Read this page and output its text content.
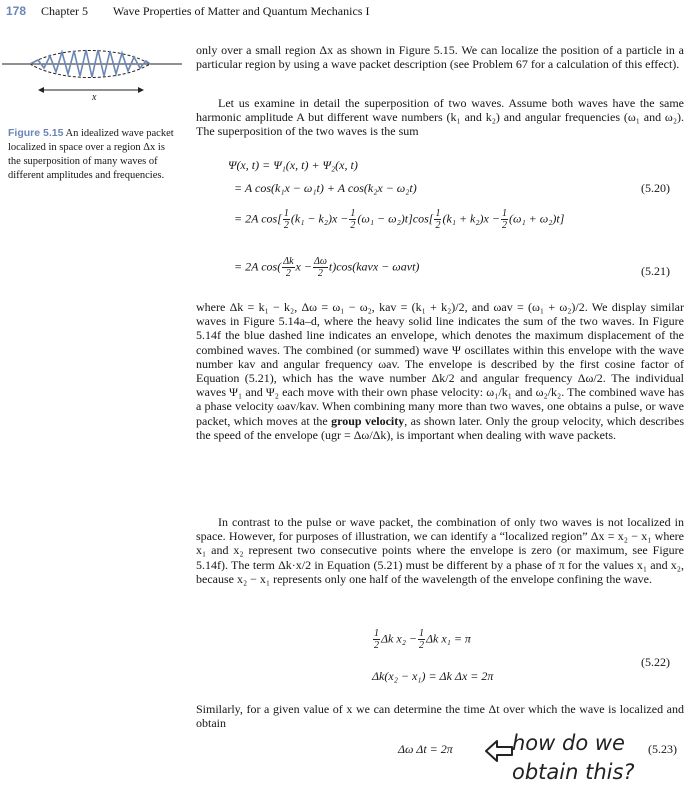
178 Chapter 5 Wave Properties of Matter and Quantum Mechanics I
x
Figure 5.15 An idealized wave packet localized in space over a region Δx is the superposition of many waves of different amplitudes and frequencies.

only over a small region Δx as shown in Figure 5.15. We can localize the position of a particle in a particular region by using a wave packet description (see Problem 67 for a calculation of this effect).

Let us examine in detail the superposition of two waves. Assume both waves have the same harmonic amplitude A but different wave numbers (k₁ and k₂) and angular frequencies (ω₁ and ω₂). The superposition of the two waves is the sum

Ψ(x, t) = Ψ₁(x, t) + Ψ₂(x, t)
= A cos(k₁x − ω₁t) + A cos(k₂x − ω₂t)	(5.20)
= 2A $\cos[ \frac{1}{2} (k_1 - k_2)x - \frac{1}{2} (\omega_1 - \omega_2)t]\cos[ \frac{1}{2} (k_1 + k_2)x - \frac{1}{2} (\omega_1 + \omega_2)t]$
= 2A $\cos( \frac{\Delta k}{2}$ $x - \frac{\Delta\omega}{2}$ t)cos(kavx − ωavt)	(5.21)

where Δk = k₁ − k₂, Δω = ω₁ − ω₂, kav = (k₁ + k₂)/2, and ωav = (ω₁ + ω₂)/2. We display similar waves in Figure 5.14a–d, where the heavy solid line indicates the sum of the two waves. In Figure 5.14f the blue dashed line indicates an envelope, which denotes the maximum displacement of the combined waves. The combined (or summed) wave Ψ oscillates within this envelope with the wave number kav and angular frequency ωav. The envelope is described by the first cosine factor of Equation (5.21), which has the wave number Δk/2 and angular frequency Δω/2. The individual waves Ψ₁ and Ψ₂ each move with their own phase velocity: ω₁/k₁ and ω₂/k₂. The combined wave has a phase velocity ωav/kav. When combining many more than two waves, one obtains a pulse, or wave packet, which moves at the group velocity, as shown later. Only the group velocity, which describes the speed of the envelope (ugr = Δω/Δk), is important when dealing with wave packets.

In contrast to the pulse or wave packet, the combination of only two waves is not localized in space. However, for purposes of illustration, we can identify a “localized region” Δx = x₂ − x₁ where x₁ and x₂ represent two consecutive points where the envelope is zero (or maximum, see Figure 5.14f). The term Δk·x/2 in Equation (5.21) must be different by a phase of π for the values x₁ and x₂, because x₂ − x₁ represents only one half of the wavelength of the envelope confining the wave.

$\frac{1}{2}$ Δk $x_2 - \frac{1}{2}$ Δk x₁ = π
Δk(x₂ − x₁) = Δk Δx = 2π
(5.22)

Similarly, for a given value of x we can determine the time Δt over which the wave is localized and obtain

Δω Δt = 2π	(5.23)
how do we
obtain this?
